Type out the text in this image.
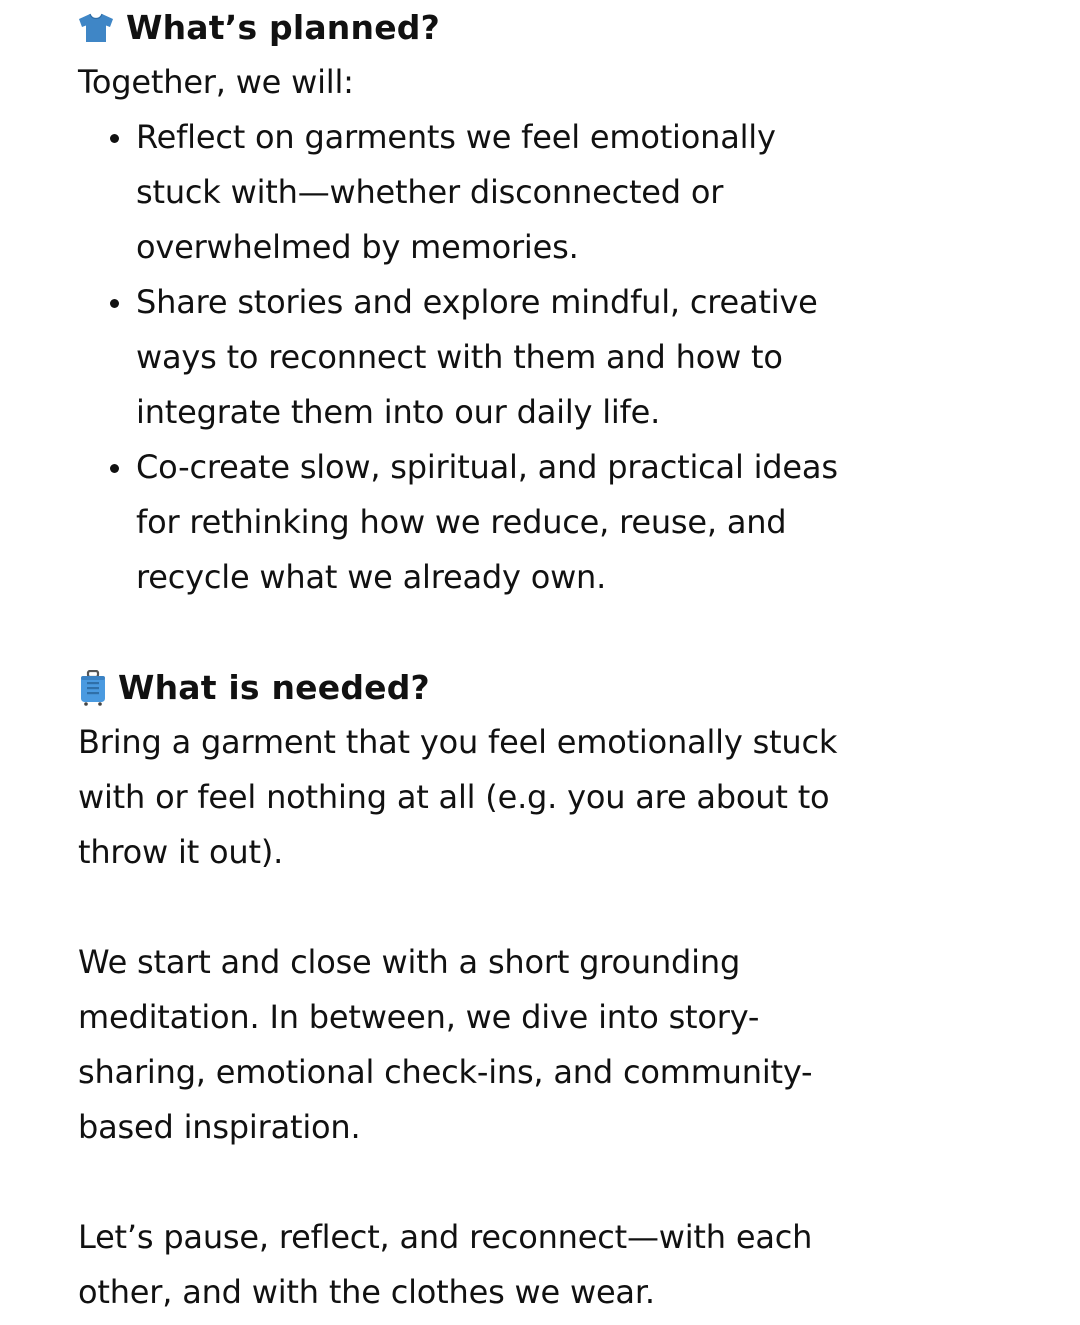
What’s planned?

Together, we will:

Reflect on garments we feel emotionally
stuck with—whether disconnected or
overwhelmed by memories.
Share stories and explore mindful, creative
ways to reconnect with them and how to
integrate them into our daily life.
Co-create slow, spiritual, and practical ideas
for rethinking how we reduce, reuse, and
recycle what we already own.
What is needed?

Bring a garment that you feel emotionally stuck
with or feel nothing at all (e.g. you are about to
throw it out).

We start and close with a short grounding
meditation. In between, we dive into story-
sharing, emotional check-ins, and community-
based inspiration.

Let’s pause, reflect, and reconnect—with each
other, and with the clothes we wear.
